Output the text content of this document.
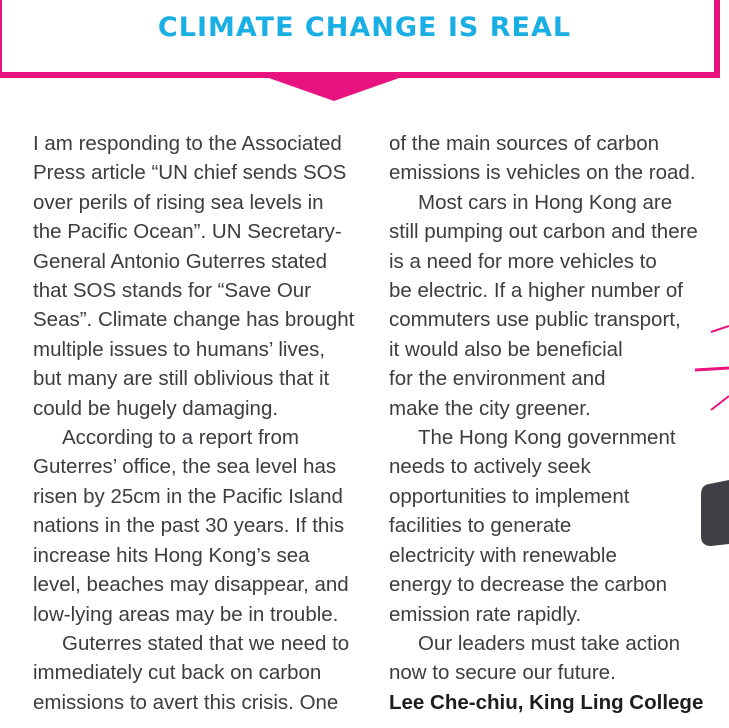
CLIMATE CHANGE IS REAL

I am responding to the Associated

Press article “UN chief sends SOS

over perils of rising sea levels in

the Pacific Ocean”. UN Secretary-

General Antonio Guterres stated

that SOS stands for “Save Our

Seas”. Climate change has brought

multiple issues to humans’ lives,

but many are still oblivious that it

could be hugely damaging.

According to a report from

Guterres’ office, the sea level has

risen by 25cm in the Pacific Island

nations in the past 30 years. If this

increase hits Hong Kong’s sea

level, beaches may disappear, and

low-lying areas may be in trouble.

Guterres stated that we need to

immediately cut back on carbon

emissions to avert this crisis. One

of the main sources of carbon

emissions is vehicles on the road.

Most cars in Hong Kong are

still pumping out carbon and there

is a need for more vehicles to

be electric. If a higher number of

commuters use public transport,

it would also be beneficial

for the environment and

make the city greener.

The Hong Kong government

needs to actively seek

opportunities to implement

facilities to generate

electricity with renewable

energy to decrease the carbon

emission rate rapidly.

Our leaders must take action

now to secure our future.

Lee Che-chiu, King Ling College
